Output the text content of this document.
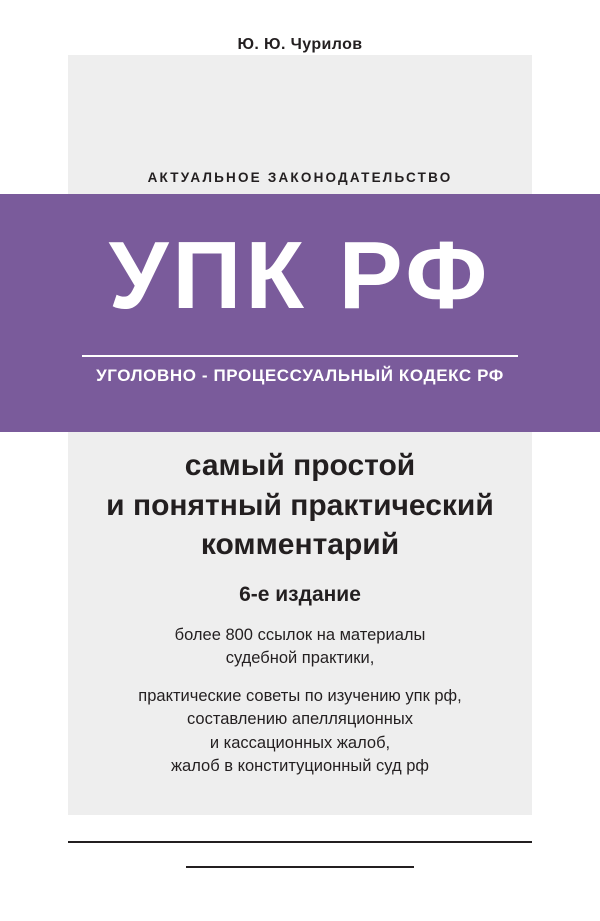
Ю. Ю. Чурилов
АКТУАЛЬНОЕ ЗАКОНОДАТЕЛЬСТВО
УПК РФ
УГОЛОВНО - ПРОЦЕССУАЛЬНЫЙ КОДЕКС РФ
самый простой
и понятный практический
комментарий
6-е издание

более 800 ссылок на материалы
судебной практики,

практические советы по изучению упк рф,
составлению апелляционных
и кассационных жалоб,
жалоб в конституционный суд рф
